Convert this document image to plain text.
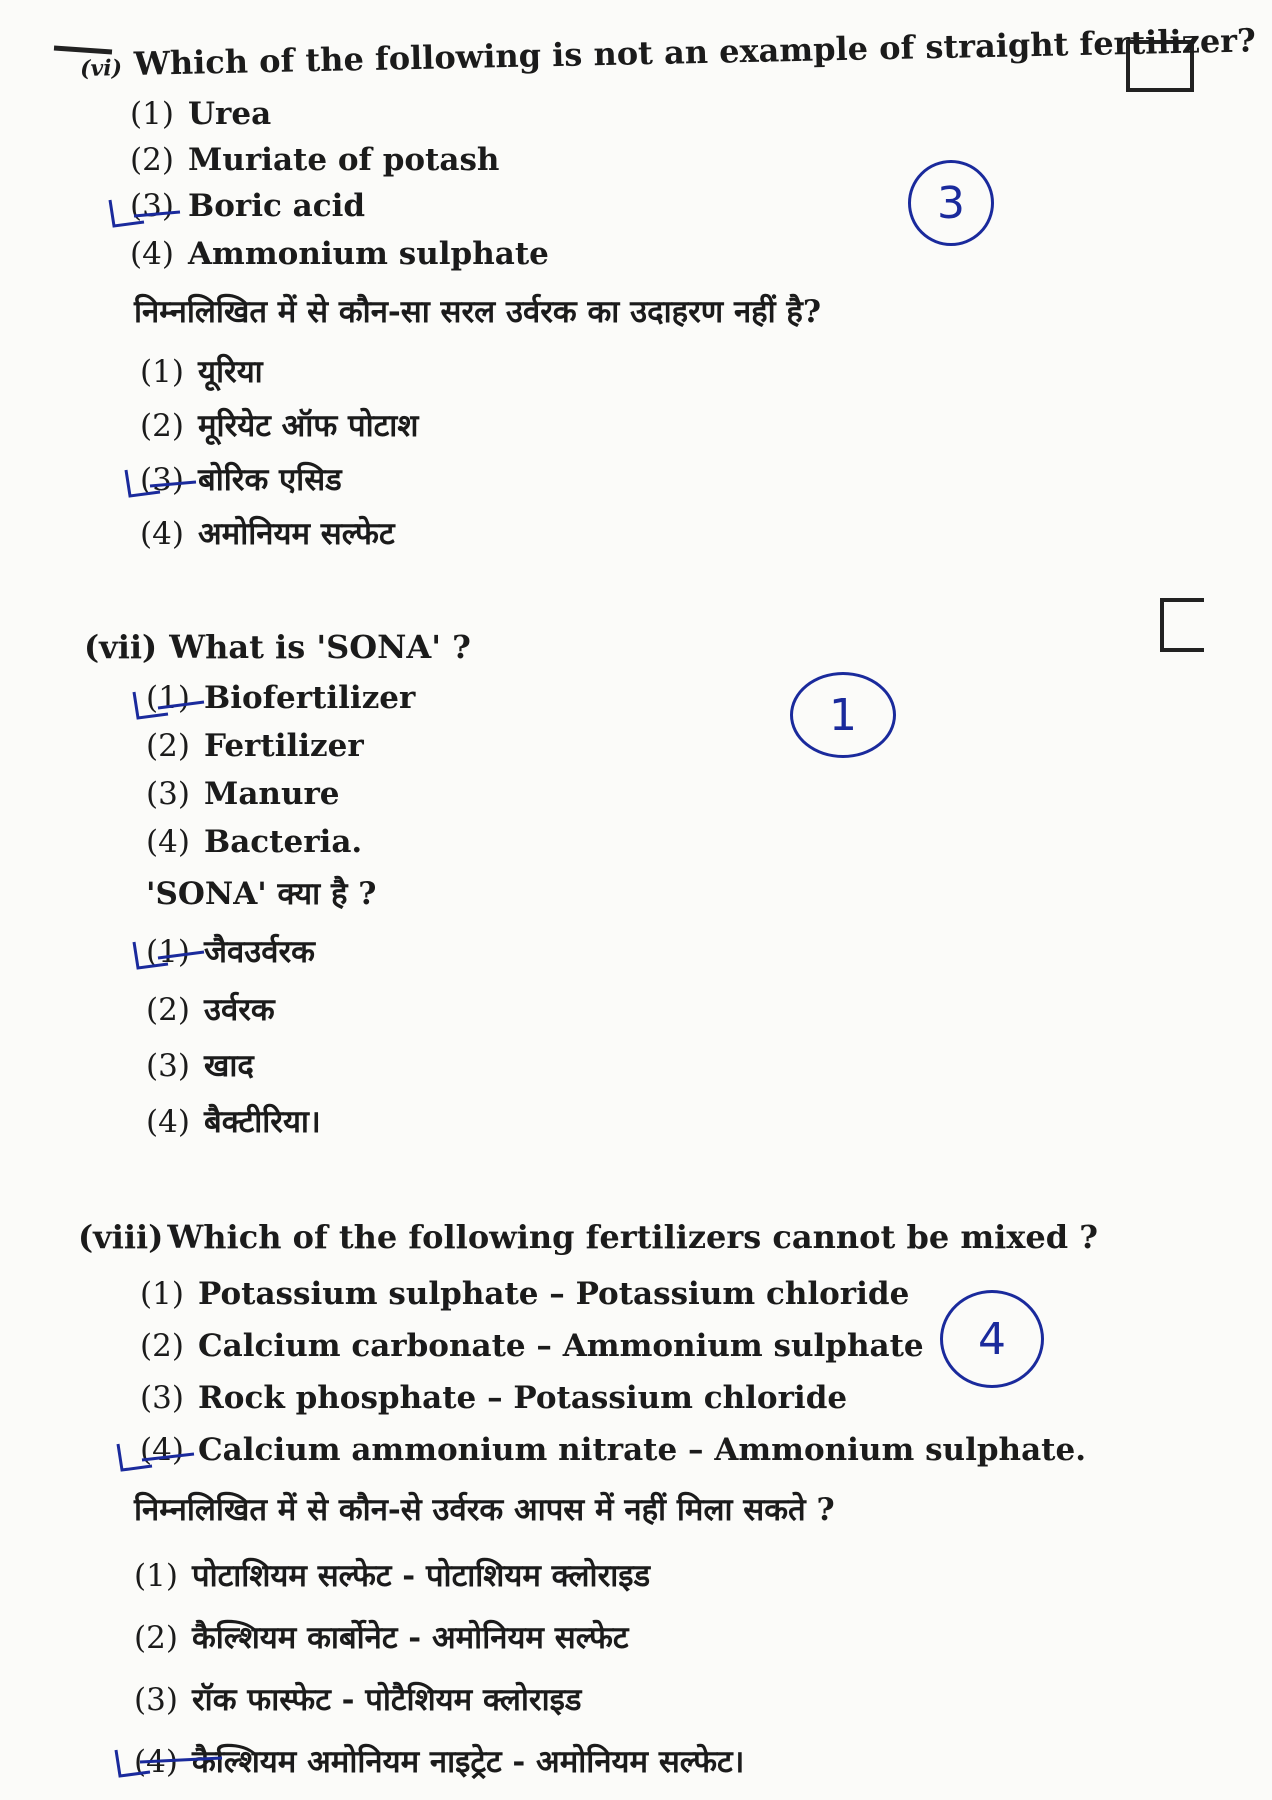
(vi) Which of the following is not an example of straight fertilizer?
(1) Urea
(2) Muriate of potash
(3) Boric acid
(4) Ammonium sulphate
निम्नलिखित में से कौन-सा सरल उर्वरक का उदाहरण नहीं है?
(1) यूरिया
(2) मूरियेट ऑफ पोटाश
(3) बोरिक एसिड
(4) अमोनियम सल्फेट
3
(vii) What is 'SONA' ?
(1) Biofertilizer
(2) Fertilizer
(3) Manure
(4) Bacteria.
'SONA' क्या है ?
(1) जैवउर्वरक
(2) उर्वरक
(3) खाद
(4) बैक्टीरिया।
1
(viii) Which of the following fertilizers cannot be mixed ?
(1) Potassium sulphate – Potassium chloride
(2) Calcium carbonate – Ammonium sulphate
(3) Rock phosphate – Potassium chloride
(4) Calcium ammonium nitrate – Ammonium sulphate.
निम्नलिखित में से कौन-से उर्वरक आपस में नहीं मिला सकते ?
(1) पोटाशियम सल्फेट - पोटाशियम क्लोराइड
(2) कैल्शियम कार्बोनेट - अमोनियम सल्फेट
(3) रॉक फास्फेट - पोटैशियम क्लोराइड
(4) कैल्शियम अमोनियम नाइट्रेट - अमोनियम सल्फेट।
4
